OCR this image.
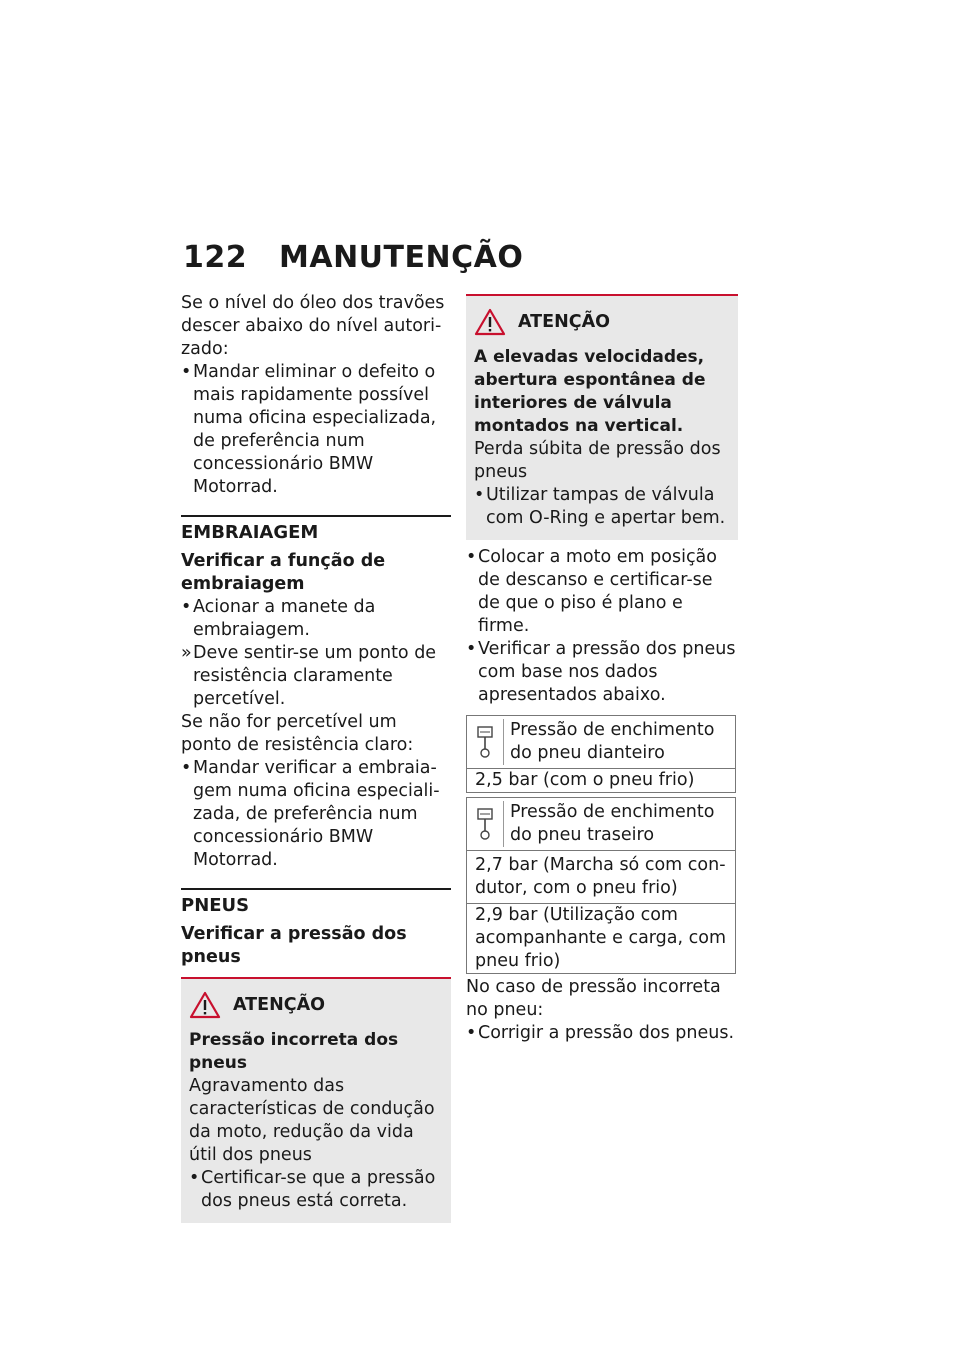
122 MANUTENÇÃO

Se o nível do óleo dos travões descer abaixo do nível autorizado:

• Mandar eliminar o defeito o mais rapidamente possível numa oficina especializada, de preferência num concessionário BMW Motorrad.
EMBRAIAGEM
Verificar a função de embraiagem
• Acionar a manete da embraiagem.
» Deve sentir-se um ponto de resistência claramente percetível.

Se não for percetível um ponto de resistência claro:

• Mandar verificar a embraiagem numa oficina especializada, de preferência num concessionário BMW Motorrad.
PNEUS
Verificar a pressão dos pneus
ATENÇÃO
Pressão incorreta dos pneus

Agravamento das características de condução da moto, redução da vida útil dos pneus

• Certificar-se que a pressão dos pneus está correta.
ATENÇÃO
A elevadas velocidades, abertura espontânea de interiores de válvula montados na vertical.

Perda súbita de pressão dos pneus

• Utilizar tampas de válvula com O-Ring e apertar bem.
• Colocar a moto em posição de descanso e certificar-se de que o piso é plano e firme.
• Verificar a pressão dos pneus com base nos dados apresentados abaixo.
Pressão de enchimento do pneu dianteiro

2,5 bar (com o pneu frio)
Pressão de enchimento do pneu traseiro

2,7 bar (Marcha só com condutor, com o pneu frio)
2,9 bar (Utilização com acompanhante e carga, com pneu frio)

No caso de pressão incorreta no pneu:

• Corrigir a pressão dos pneus.
